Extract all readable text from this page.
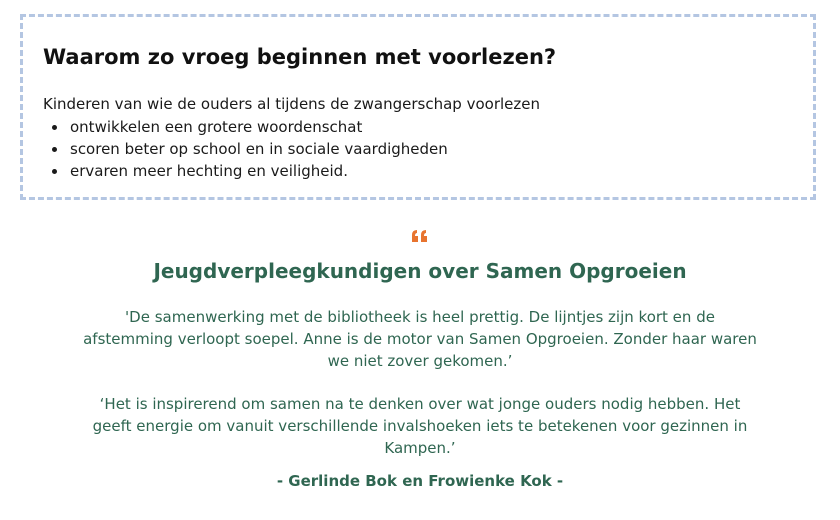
Waarom zo vroeg beginnen met voorlezen?

Kinderen van wie de ouders al tijdens de zwangerschap voorlezen

ontwikkelen een grotere woordenschat
scoren beter op school en in sociale vaardigheden
ervaren meer hechting en veiligheid.
Jeugdverpleegkundigen over Samen Opgroeien

'De samenwerking met de bibliotheek is heel prettig. De lijntjes zijn kort en de afstemming verloopt soepel. Anne is de motor van Samen Opgroeien. Zonder haar waren we niet zover gekomen.’

‘Het is inspirerend om samen na te denken over wat jonge ouders nodig hebben. Het geeft energie om vanuit verschillende invalshoeken iets te betekenen voor gezinnen in Kampen.’

- Gerlinde Bok en Frowienke Kok -
